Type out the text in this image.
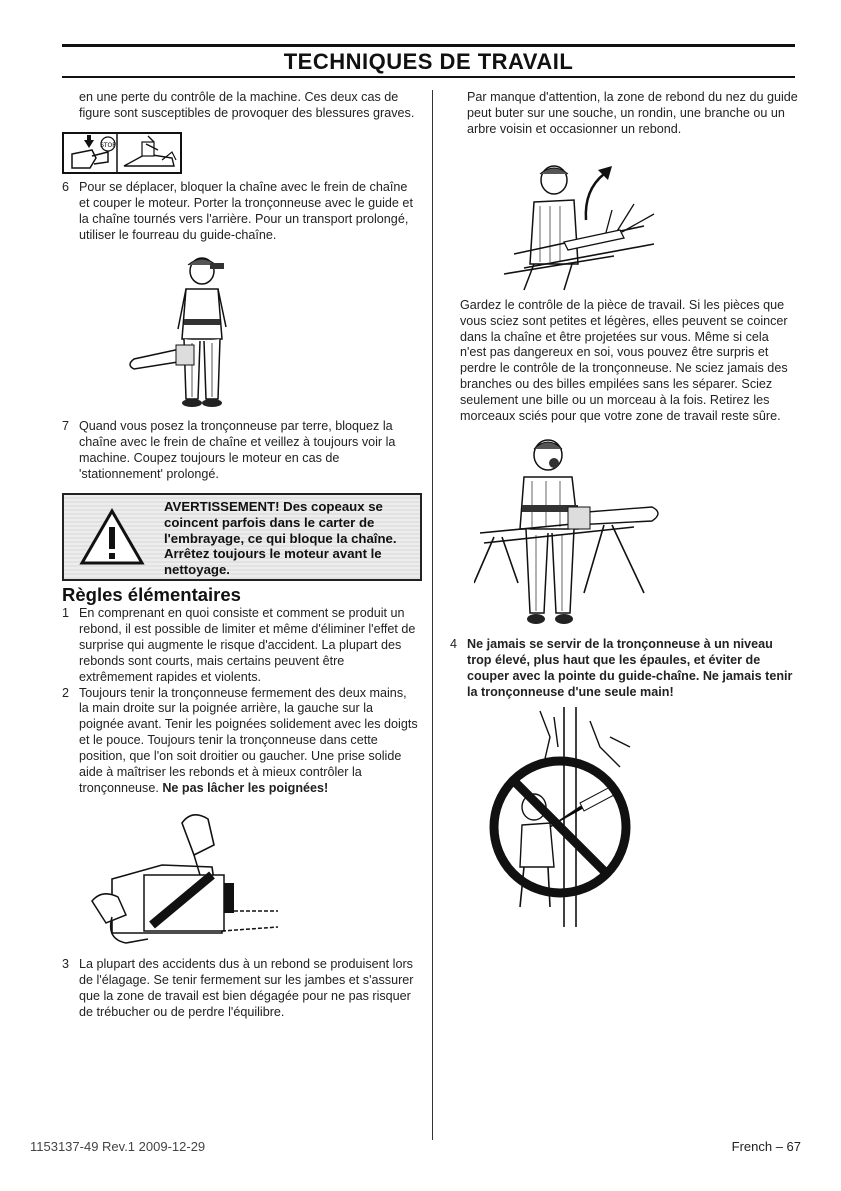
TECHNIQUES DE TRAVAIL

en une perte du contrôle de la machine. Ces deux cas de figure sont susceptibles de provoquer des blessures graves.

STOP
6 Pour se déplacer, bloquer la chaîne avec le frein de chaîne et couper le moteur. Porter la tronçonneuse avec le guide et la chaîne tournés vers l'arrière. Pour un transport prolongé, utiliser le fourreau du guide-chaîne.

7 Quand vous posez la tronçonneuse par terre, bloquez la chaîne avec le frein de chaîne et veillez à toujours voir la machine. Coupez toujours le moteur en cas de 'stationnement' prolongé.

AVERTISSEMENT! Des copeaux se coincent parfois dans le carter de l'embrayage, ce qui bloque la chaîne. Arrêtez toujours le moteur avant le nettoyage.
Règles élémentaires
1 En comprenant en quoi consiste et comment se produit un rebond, il est possible de limiter et même d'éliminer l'effet de surprise qui augmente le risque d'accident. La plupart des rebonds sont courts, mais certains peuvent être extrêmement rapides et violents.

2 Toujours tenir la tronçonneuse fermement des deux mains, la main droite sur la poignée arrière, la gauche sur la poignée avant. Tenir les poignées solidement avec les doigts et le pouce. Toujours tenir la tronçonneuse dans cette position, que l'on soit droitier ou gaucher. Une prise solide aide à maîtriser les rebonds et à mieux contrôler la tronçonneuse. Ne pas lâcher les poignées!

3 La plupart des accidents dus à un rebond se produisent lors de l'élagage. Se tenir fermement sur les jambes et s'assurer que la zone de travail est bien dégagée pour ne pas risquer de trébucher ou de perdre l'équilibre.

Par manque d'attention, la zone de rebond du nez du guide peut buter sur une souche, un rondin, une branche ou un arbre voisin et occasionner un rebond.

Gardez le contrôle de la pièce de travail. Si les pièces que vous sciez sont petites et légères, elles peuvent se coincer dans la chaîne et être projetées sur vous. Même si cela n'est pas dangereux en soi, vous pouvez être surpris et perdre le contrôle de la tronçonneuse. Ne sciez jamais des branches ou des billes empilées sans les séparer. Sciez seulement une bille ou un morceau à la fois. Retirez les morceaux sciés pour que votre zone de travail reste sûre.

4 Ne jamais se servir de la tronçonneuse à un niveau trop élevé, plus haut que les épaules, et éviter de couper avec la pointe du guide-chaîne. Ne jamais tenir la tronçonneuse d'une seule main!

1153137-49 Rev.1 2009-12-29	French – 67
